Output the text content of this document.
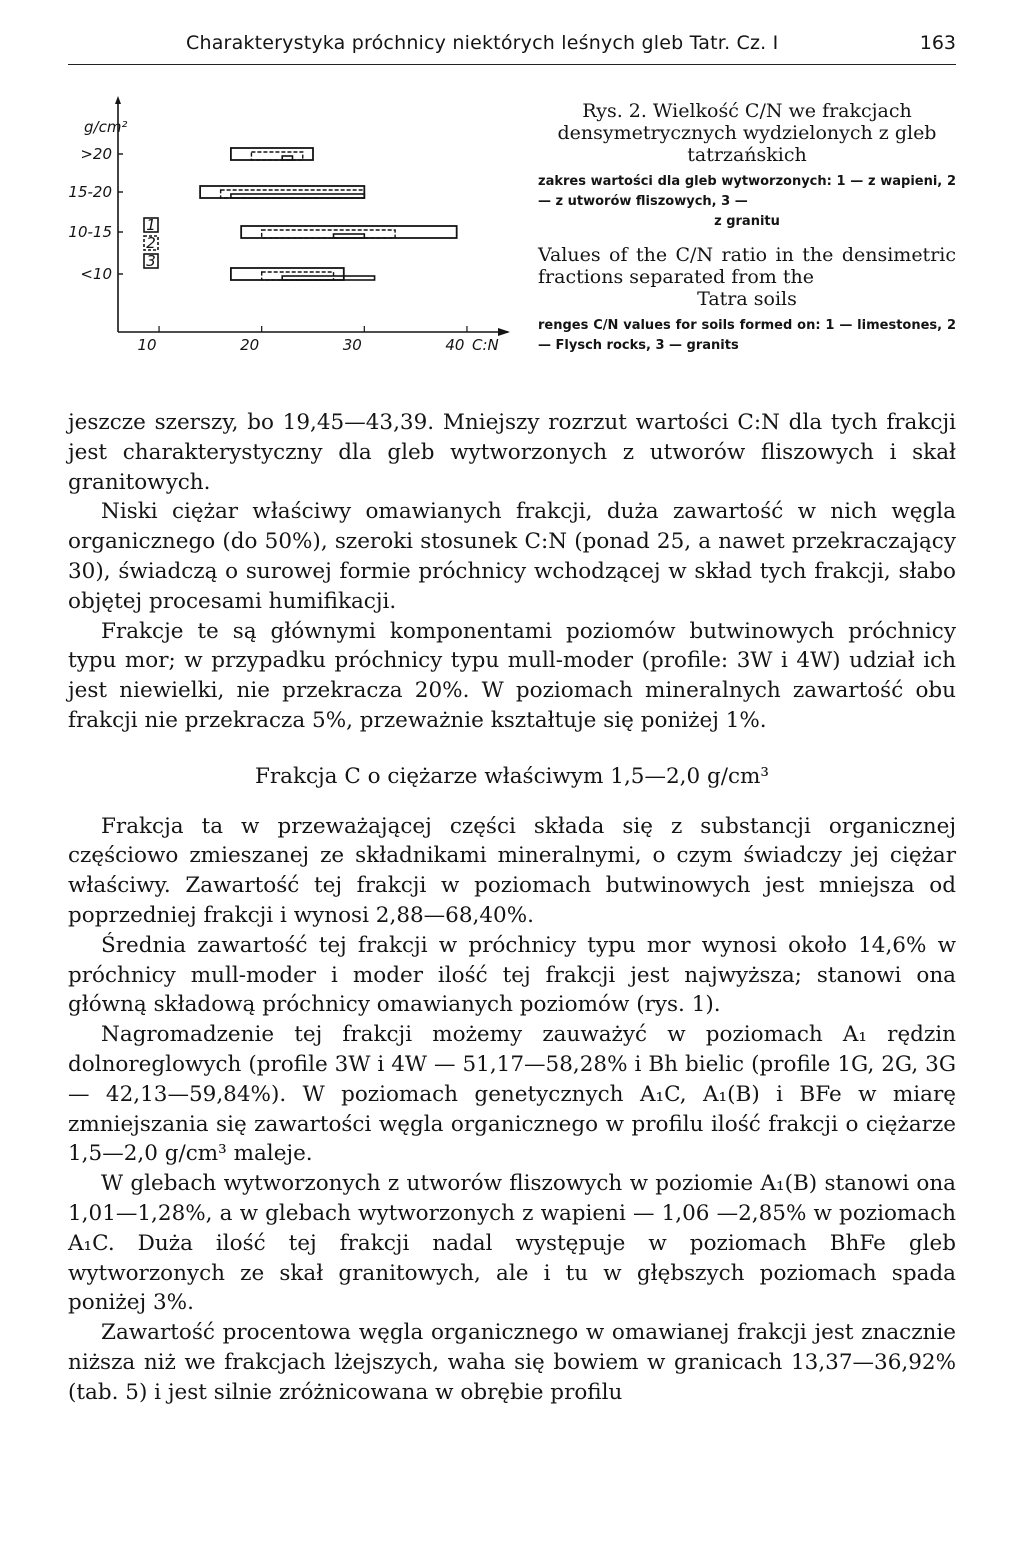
Charakterystyka próchnicy niektórych leśnych gleb Tatr. Cz. I	163
g/cm²
C:N
>20
15-20
10-15
<10
10	20	30	40
1
2
3
Rys. 2. Wielkość C/N we frakcjach densymetrycznych wydzielonych z gleb tatrzańskich
zakres wartości dla gleb wytworzonych: 1 — z wapieni, 2 — z utworów fliszowych, 3 —
z granitu
Values of the C/N ratio in the densimetric fractions separated from the
Tatra soils
renges C/N values for soils formed on: 1 — limestones, 2 — Flysch rocks, 3 — granits

jeszcze szerszy, bo 19,45—43,39. Mniejszy rozrzut wartości C:N dla tych frakcji jest charakterystyczny dla gleb wytworzonych z utworów fliszowych i skał granitowych.

Niski ciężar właściwy omawianych frakcji, duża zawartość w nich węgla organicznego (do 50%), szeroki stosunek C:N (ponad 25, a nawet przekraczający 30), świadczą o surowej formie próchnicy wchodzącej w skład tych frakcji, słabo objętej procesami humifikacji.

Frakcje te są głównymi komponentami poziomów butwinowych próchnicy typu mor; w przypadku próchnicy typu mull-moder (profile: 3W i 4W) udział ich jest niewielki, nie przekracza 20%. W poziomach mineralnych zawartość obu frakcji nie przekracza 5%, przeważnie kształtuje się poniżej 1%.

Frakcja C o ciężarze właściwym 1,5—2,0 g/cm³

Frakcja ta w przeważającej części składa się z substancji organicznej częściowo zmieszanej ze składnikami mineralnymi, o czym świadczy jej ciężar właściwy. Zawartość tej frakcji w poziomach butwinowych jest mniejsza od poprzedniej frakcji i wynosi 2,88—68,40%.

Średnia zawartość tej frakcji w próchnicy typu mor wynosi około 14,6% w próchnicy mull-moder i moder ilość tej frakcji jest najwyższa; stanowi ona główną składową próchnicy omawianych poziomów (rys. 1).

Nagromadzenie tej frakcji możemy zauważyć w poziomach A₁ rędzin dolnoreglowych (profile 3W i 4W — 51,17—58,28% i Bh bielic (profile 1G, 2G, 3G — 42,13—59,84%). W poziomach genetycznych A₁C, A₁(B) i BFe w miarę zmniejszania się zawartości węgla organicznego w profilu ilość frakcji o ciężarze 1,5—2,0 g/cm³ maleje.

W glebach wytworzonych z utworów fliszowych w poziomie A₁(B) stanowi ona 1,01—1,28%, a w glebach wytworzonych z wapieni — 1,06 —2,85% w poziomach A₁C. Duża ilość tej frakcji nadal występuje w poziomach BhFe gleb wytworzonych ze skał granitowych, ale i tu w głębszych poziomach spada poniżej 3%.

Zawartość procentowa węgla organicznego w omawianej frakcji jest znacznie niższa niż we frakcjach lżejszych, waha się bowiem w granicach 13,37—36,92% (tab. 5) i jest silnie zróżnicowana w obrębie profilu
